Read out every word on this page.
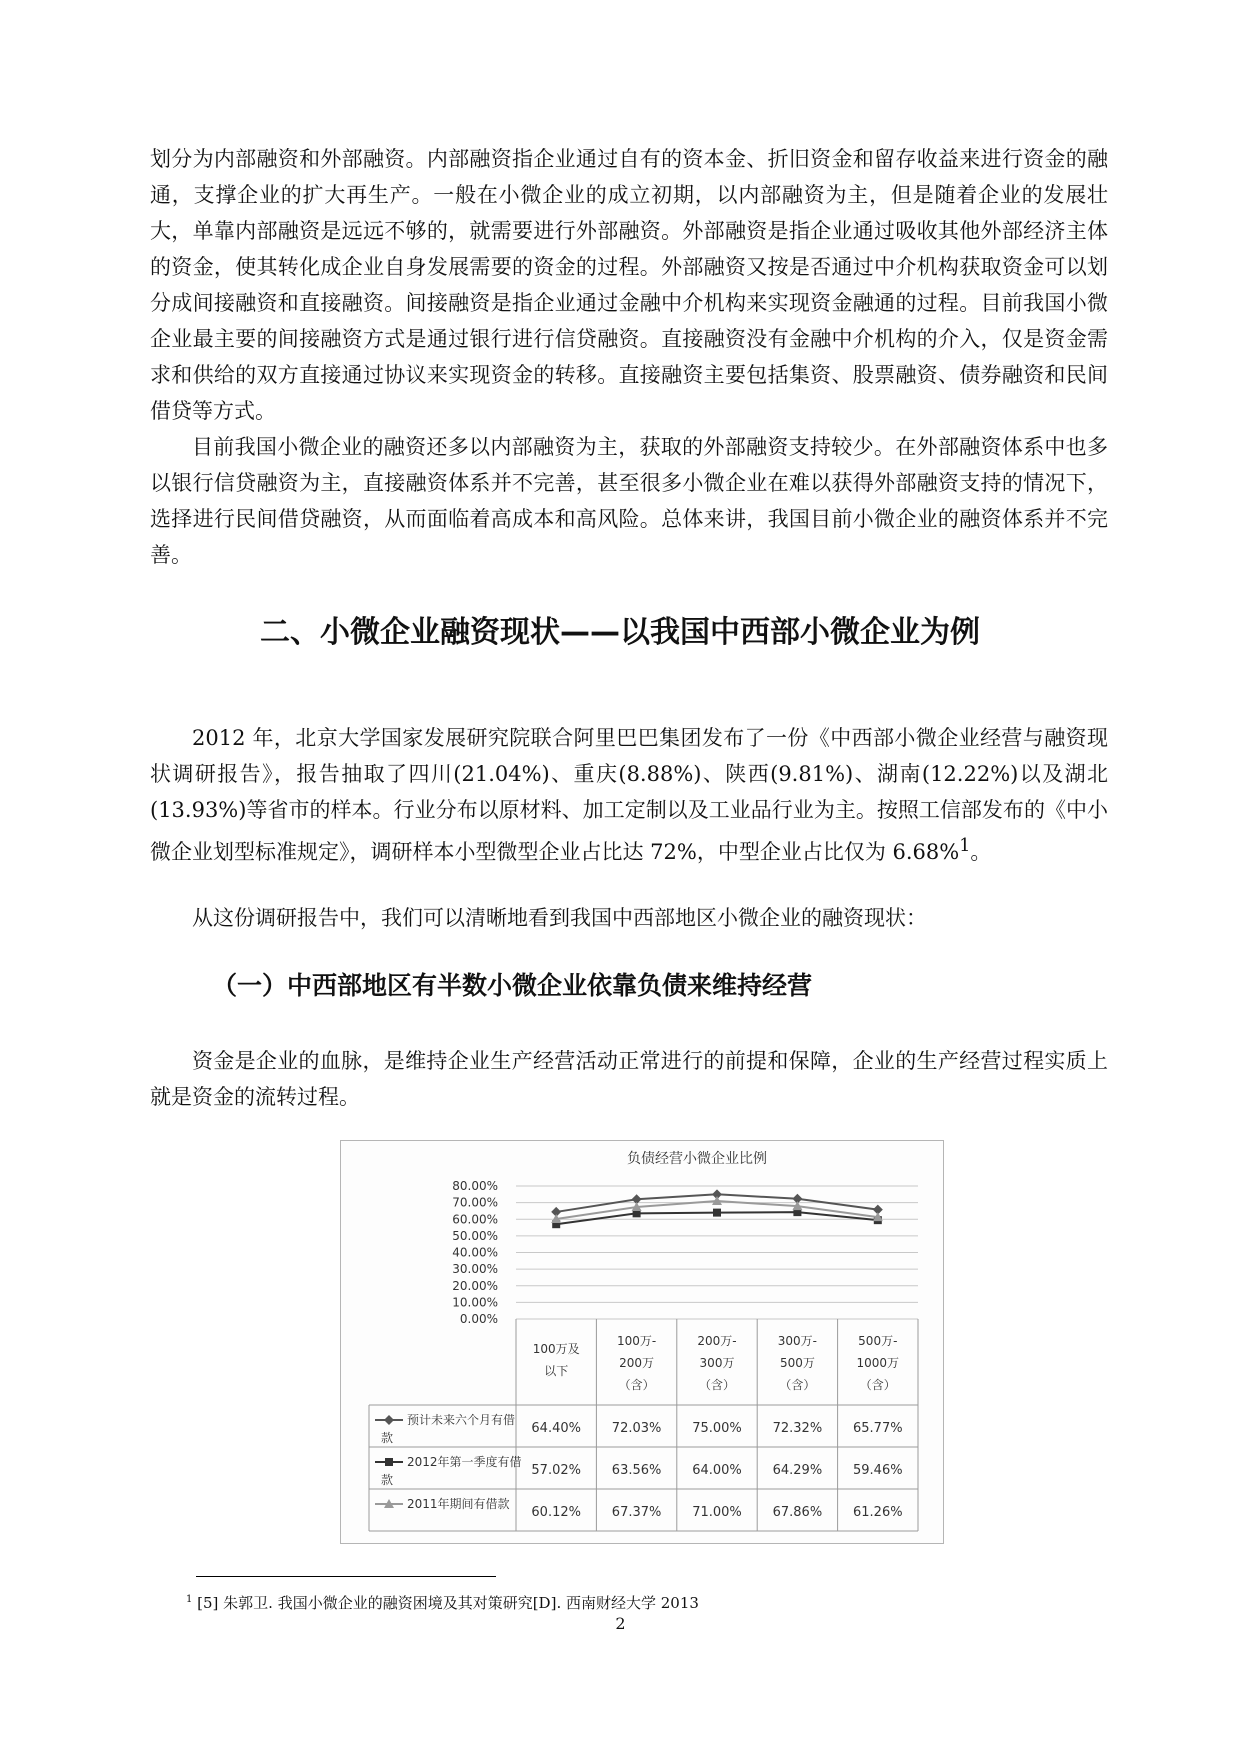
划分为内部融资和外部融资。内部融资指企业通过自有的资本金、折旧资金和留存收益来进行资金的融通，支撑企业的扩大再生产。一般在小微企业的成立初期，以内部融资为主，但是随着企业的发展壮大，单靠内部融资是远远不够的，就需要进行外部融资。外部融资是指企业通过吸收其他外部经济主体的资金，使其转化成企业自身发展需要的资金的过程。外部融资又按是否通过中介机构获取资金可以划分成间接融资和直接融资。间接融资是指企业通过金融中介机构来实现资金融通的过程。目前我国小微企业最主要的间接融资方式是通过银行进行信贷融资。直接融资没有金融中介机构的介入，仅是资金需求和供给的双方直接通过协议来实现资金的转移。直接融资主要包括集资、股票融资、债券融资和民间借贷等方式。

目前我国小微企业的融资还多以内部融资为主，获取的外部融资支持较少。在外部融资体系中也多以银行信贷融资为主，直接融资体系并不完善，甚至很多小微企业在难以获得外部融资支持的情况下，选择进行民间借贷融资，从而面临着高成本和高风险。总体来讲，我国目前小微企业的融资体系并不完善。

二、小微企业融资现状——以我国中西部小微企业为例

2012 年，北京大学国家发展研究院联合阿里巴巴集团发布了一份《中西部小微企业经营与融资现状调研报告》，报告抽取了四川(21.04%)、重庆(8.88%)、陕西(9.81%)、湖南(12.22%)以及湖北(13.93%)等省市的样本。行业分布以原材料、加工定制以及工业品行业为主。按照工信部发布的《中小微企业划型标准规定》，调研样本小型微型企业占比达 72%，中型企业占比仅为 6.68%$^1$。

从这份调研报告中，我们可以清晰地看到我国中西部地区小微企业的融资现状：

（一）中西部地区有半数小微企业依靠负债来维持经营

资金是企业的血脉，是维持企业生产经营活动正常进行的前提和保障，企业的生产经营过程实质上就是资金的流转过程。

负债经营小微企业比例
80.00%
70.00%
60.00%
50.00%
40.00%
30.00%
20.00%
10.00%
0.00%
100万及
以下
100万-
200万
（含）
200万-
300万
（含）
300万-
500万
（含）
500万-
1000万
（含）
预计未来六个月有借
款
64.40% 72.03% 75.00% 72.32% 65.77%
2012年第一季度有借
款
57.02% 63.56% 64.00% 64.29% 59.46%
2011年期间有借款
60.12% 67.37% 71.00% 67.86% 61.26%

$^1$ [5] 朱郭卫. 我国小微企业的融资困境及其对策研究[D]. 西南财经大学 2013

2
